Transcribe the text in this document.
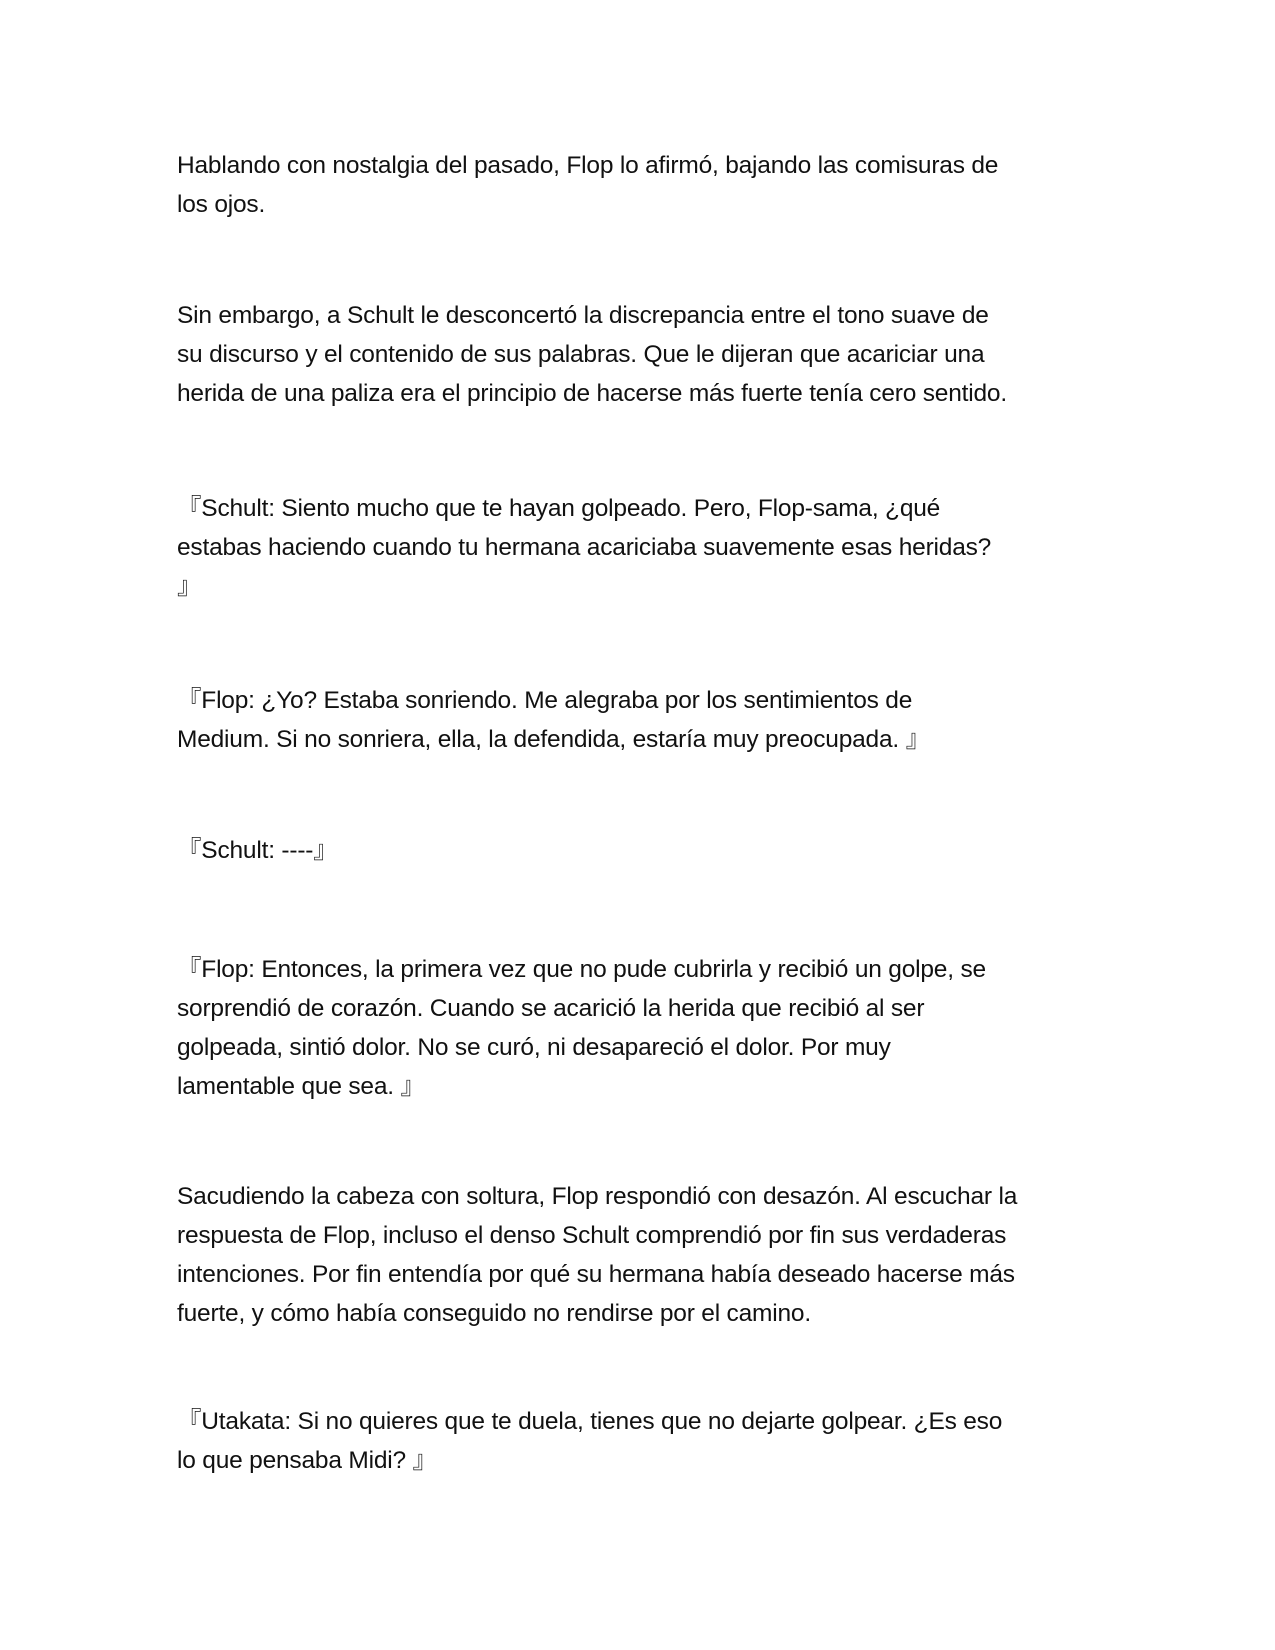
Hablando con nostalgia del pasado, Flop lo afirmó, bajando las comisuras de
los ojos.

Sin embargo, a Schult le desconcertó la discrepancia entre el tono suave de
su discurso y el contenido de sus palabras. Que le dijeran que acariciar una
herida de una paliza era el principio de hacerse más fuerte tenía cero sentido.

『Schult: Siento mucho que te hayan golpeado. Pero, Flop-sama, ¿qué
estabas haciendo cuando tu hermana acariciaba suavemente esas heridas?
』

『Flop: ¿Yo? Estaba sonriendo. Me alegraba por los sentimientos de
Medium. Si no sonriera, ella, la defendida, estaría muy preocupada. 』

『Schult: ----』

『Flop: Entonces, la primera vez que no pude cubrirla y recibió un golpe, se
sorprendió de corazón. Cuando se acarició la herida que recibió al ser
golpeada, sintió dolor. No se curó, ni desapareció el dolor. Por muy
lamentable que sea. 』

Sacudiendo la cabeza con soltura, Flop respondió con desazón. Al escuchar la
respuesta de Flop, incluso el denso Schult comprendió por fin sus verdaderas
intenciones. Por fin entendía por qué su hermana había deseado hacerse más
fuerte, y cómo había conseguido no rendirse por el camino.

『Utakata: Si no quieres que te duela, tienes que no dejarte golpear. ¿Es eso
lo que pensaba Midi? 』
